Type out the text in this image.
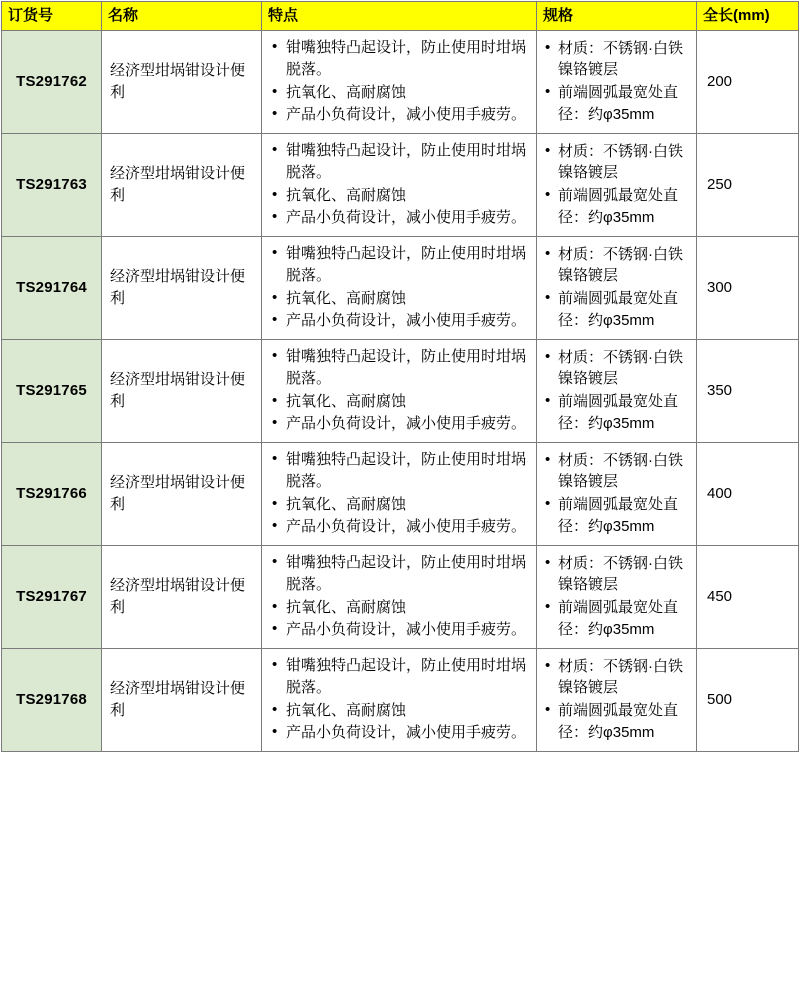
订货号	名称	特点	规格	全长(mm)
TS291762	经济型坩埚钳设计便利	
• 钳嘴独特凸起设计，防止使用时坩埚脱落。
• 抗氧化、高耐腐蚀
• 产品小负荷设计，减小使用手疲劳。

• 材质：不锈钢·白铁镍铬镀层
• 前端圆弧最宽处直径：约φ35mm
	200
TS291763	经济型坩埚钳设计便利	
• 钳嘴独特凸起设计，防止使用时坩埚脱落。
• 抗氧化、高耐腐蚀
• 产品小负荷设计，减小使用手疲劳。

• 材质：不锈钢·白铁镍铬镀层
• 前端圆弧最宽处直径：约φ35mm
	250
TS291764	经济型坩埚钳设计便利	
• 钳嘴独特凸起设计，防止使用时坩埚脱落。
• 抗氧化、高耐腐蚀
• 产品小负荷设计，减小使用手疲劳。

• 材质：不锈钢·白铁镍铬镀层
• 前端圆弧最宽处直径：约φ35mm
	300
TS291765	经济型坩埚钳设计便利	
• 钳嘴独特凸起设计，防止使用时坩埚脱落。
• 抗氧化、高耐腐蚀
• 产品小负荷设计，减小使用手疲劳。

• 材质：不锈钢·白铁镍铬镀层
• 前端圆弧最宽处直径：约φ35mm
	350
TS291766	经济型坩埚钳设计便利	
• 钳嘴独特凸起设计，防止使用时坩埚脱落。
• 抗氧化、高耐腐蚀
• 产品小负荷设计，减小使用手疲劳。

• 材质：不锈钢·白铁镍铬镀层
• 前端圆弧最宽处直径：约φ35mm
	400
TS291767	经济型坩埚钳设计便利	
• 钳嘴独特凸起设计，防止使用时坩埚脱落。
• 抗氧化、高耐腐蚀
• 产品小负荷设计，减小使用手疲劳。

• 材质：不锈钢·白铁镍铬镀层
• 前端圆弧最宽处直径：约φ35mm
	450
TS291768	经济型坩埚钳设计便利	
• 钳嘴独特凸起设计，防止使用时坩埚脱落。
• 抗氧化、高耐腐蚀
• 产品小负荷设计，减小使用手疲劳。

• 材质：不锈钢·白铁镍铬镀层
• 前端圆弧最宽处直径：约φ35mm
	500
